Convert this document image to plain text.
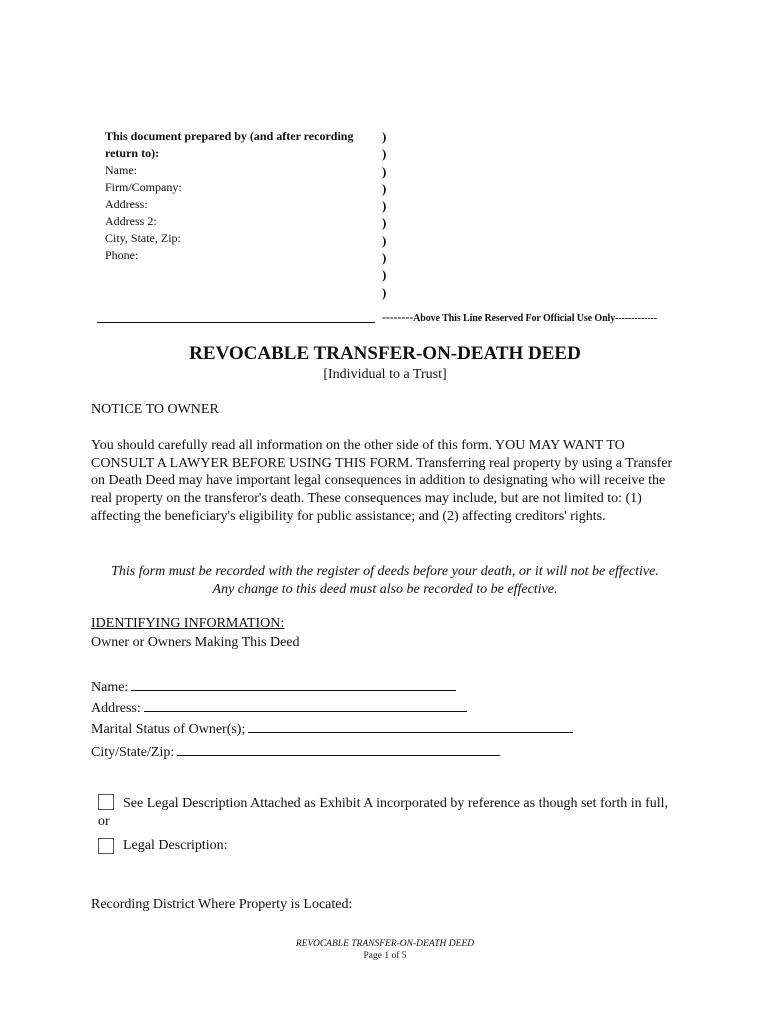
This document prepared by (and after recording
return to):
Name:
Firm/Company:
Address:
Address 2:
City, State, Zip:
Phone:
)
)
)
)
)
)
)
)
)
)
--------Above This Line Reserved For Official Use Only-------------
REVOCABLE TRANSFER-ON-DEATH DEED
[Individual to a Trust]
NOTICE TO OWNER
You should carefully read all information on the other side of this form. YOU MAY WANT TO CONSULT A LAWYER BEFORE USING THIS FORM. Transferring real property by using a Transfer on Death Deed may have important legal consequences in addition to designating who will receive the real property on the transferor's death. These consequences may include, but are not limited to: (1) affecting the beneficiary's eligibility for public assistance; and (2) affecting creditors' rights.
This form must be recorded with the register of deeds before your death, or it will not be effective. Any change to this deed must also be recorded to be effective.
IDENTIFYING INFORMATION:
Owner or Owners Making This Deed
Name:
Address:
Marital Status of Owner(s);
City/State/Zip:
See Legal Description Attached as Exhibit A incorporated by reference as though set forth in full, or
Legal Description:
Recording District Where Property is Located:
REVOCABLE TRANSFER-ON-DEATH DEED
Page 1 of 5
